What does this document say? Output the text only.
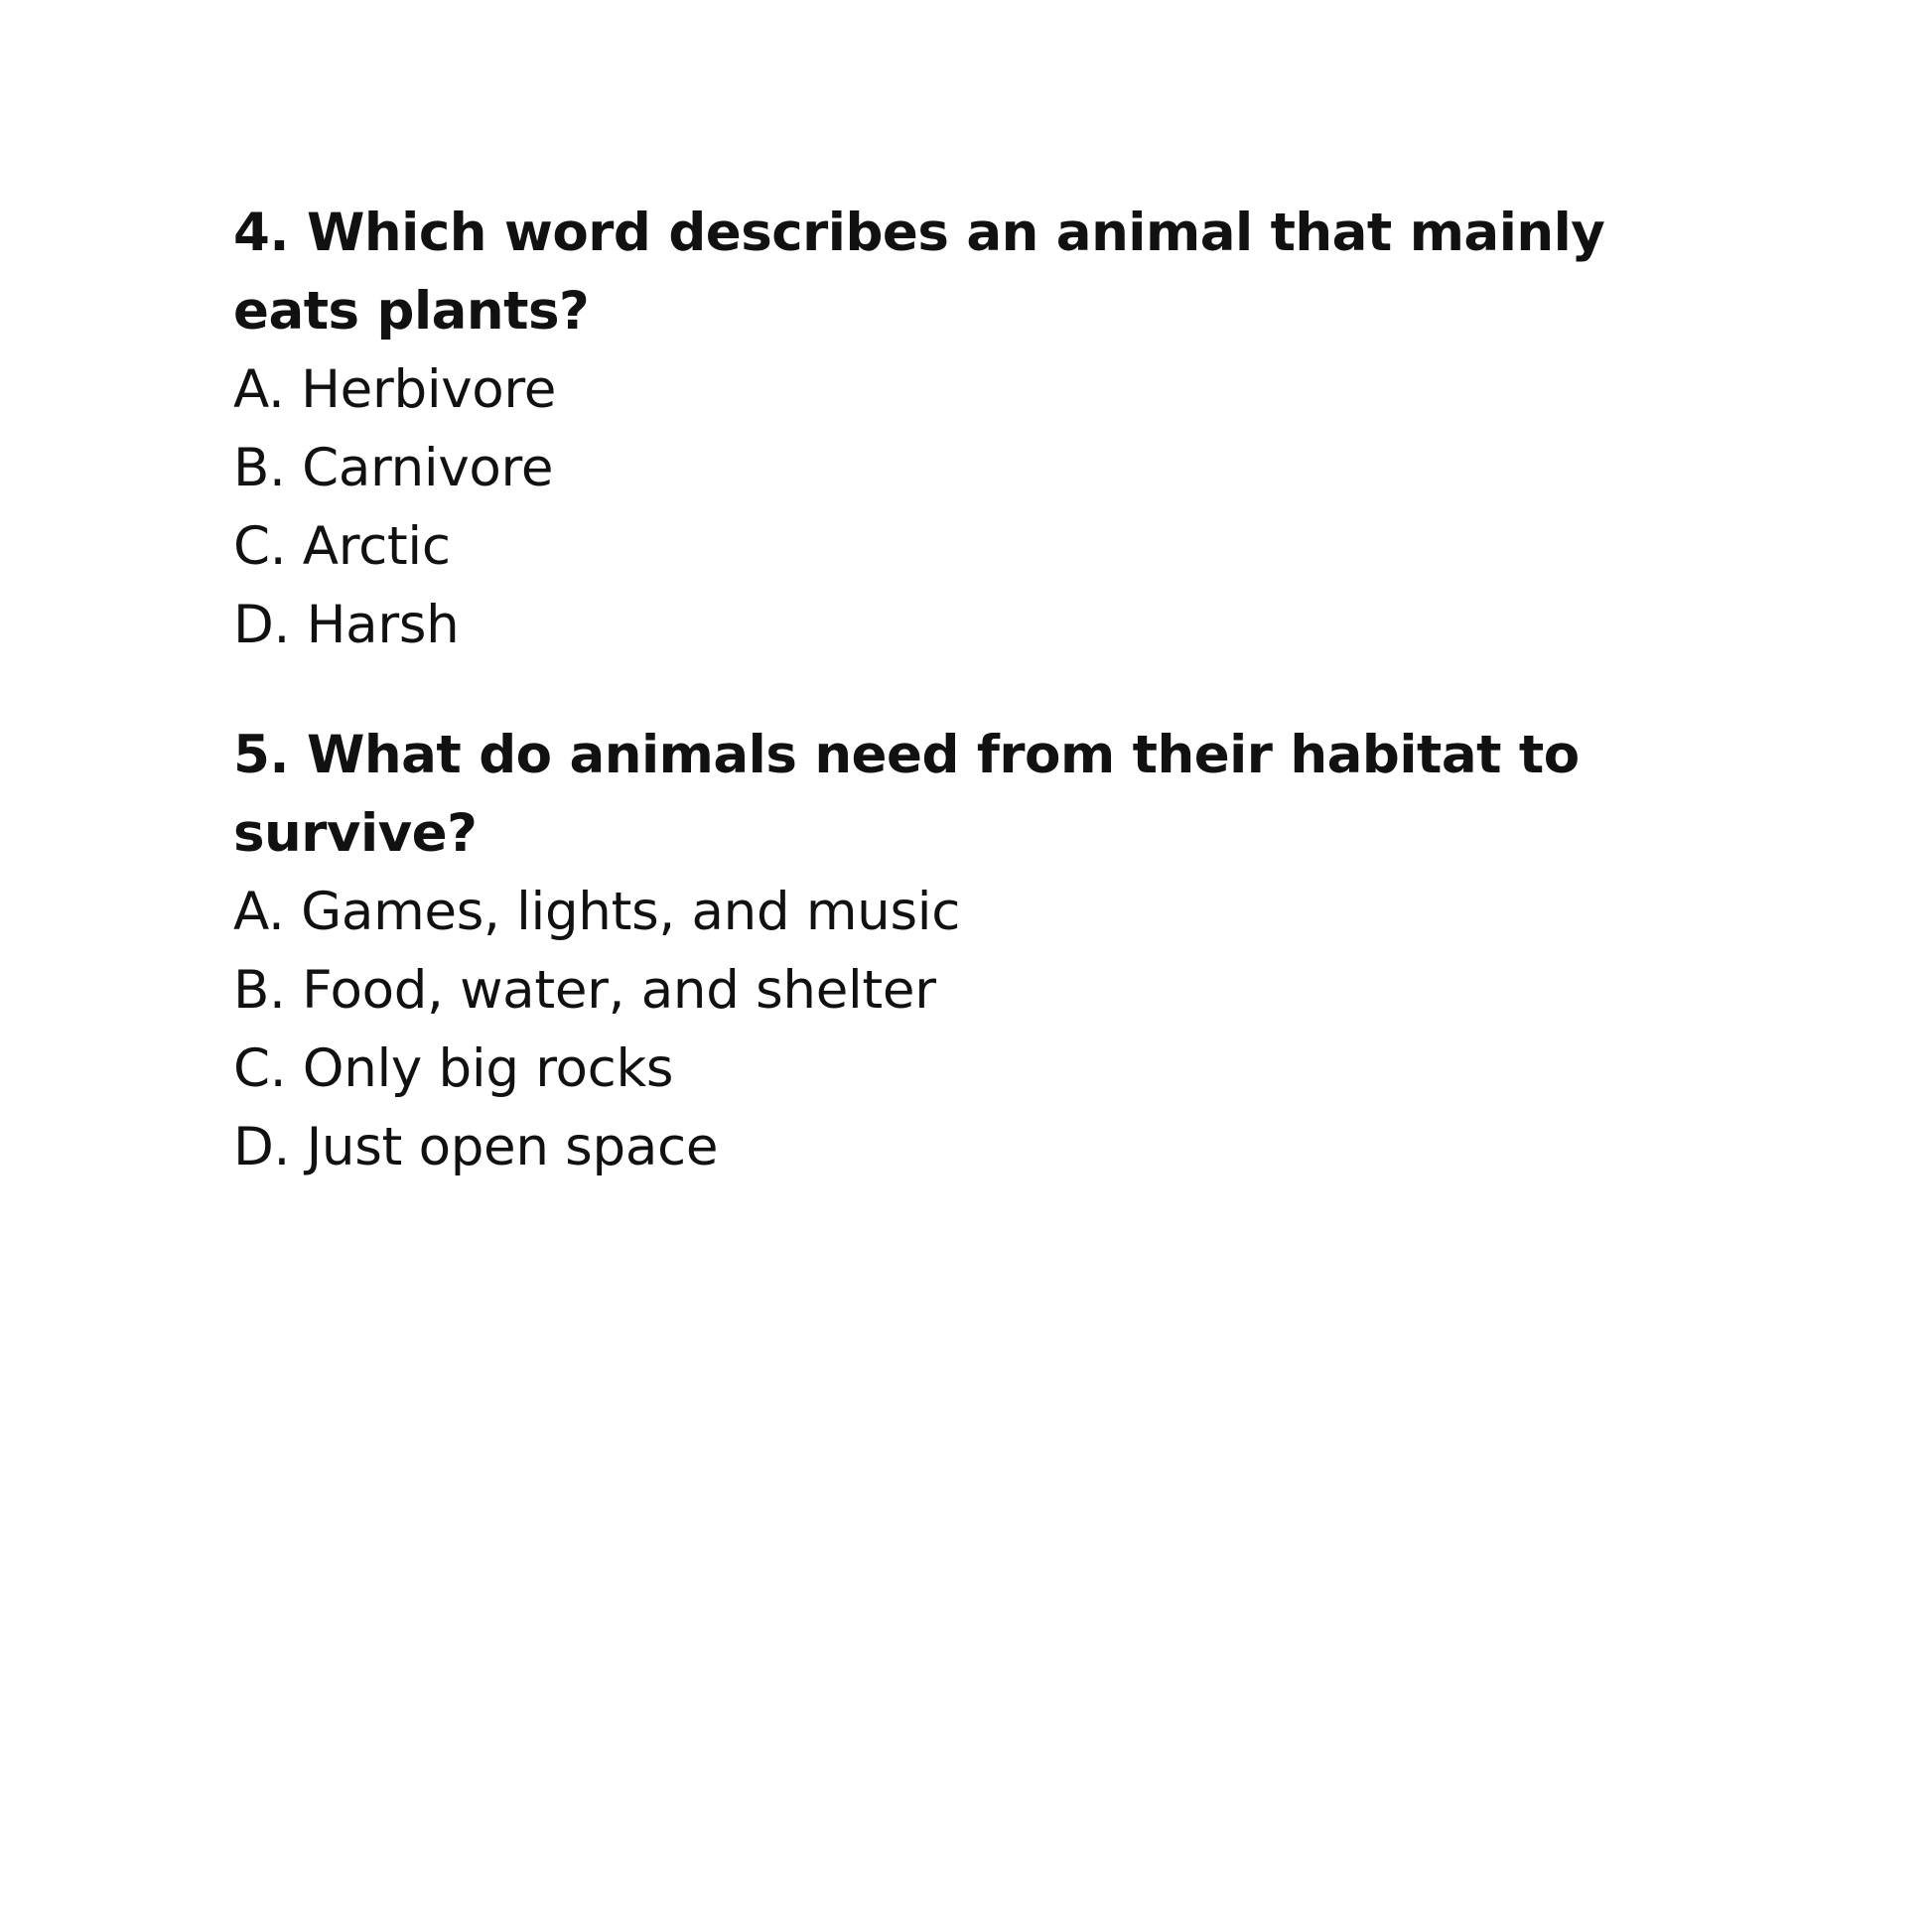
4. Which word describes an animal that mainly eats plants?

A. Herbivore
B. Carnivore
C. Arctic
D. Harsh

5. What do animals need from their habitat to survive?

A. Games, lights, and music
B. Food, water, and shelter
C. Only big rocks
D. Just open space
